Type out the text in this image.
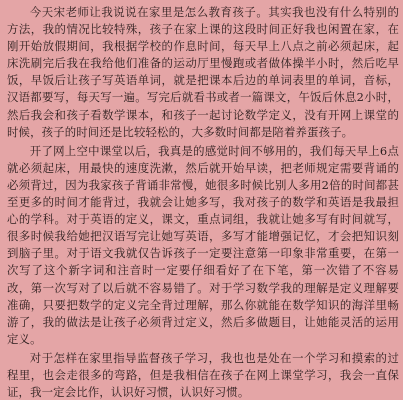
今天宋老师让我说说在家里是怎么教育孩子。其实我也没有什么特别的方法，我的情况比较特殊，孩子在家上课的这段时间正好我也闲置在家，在刚开始放假期间，我根据学校的作息时间，每天早上八点之前必须起床，起床洗刷完后我在我给他们准备的运动厅里慢跑或者做体操半小时，然后吃早饭，早饭后让孩子写英语单词，就是把课本后边的单词表里的单词，音标，汉语都要写，每天写一遍。写完后就看书或者一篇课文，午饭后休息2小时，然后我会和孩子看数学课本，和孩子一起讨论数学定义，没有开网上课堂的时候，孩子的时间还是比较轻松的，大多数时间都是陪着养蛋孩子。

开了网上空中课堂以后，我真是的感觉时间不够用的，我们每天早上6点就必须起床，用最快的速度洗漱，然后就开始早读，把老师规定需要背诵的必须背过，因为我家孩子背诵非常慢，她很多时候比别人多用2倍的时间都甚至更多的时间才能背过，我就会让她多写，我对孩子的数学和英语是我最担心的学科。对于英语的定义，课文，重点词组，我就让她多写有时间就写，很多时候我给她把汉语写完让她写英语，多写才能增强记忆，才会把知识刻到脑子里。对于语文我就仅告诉孩子一定要注意第一印象非常重要，在第一次写了这个新字词和注音时一定要仔细看好了在下笔，第一次错了不容易改，第一次写对了以后就不容易错了。对于学习数学我的理解是定义理解要准确，只要把数学的定义完全背过理解，那么你就能在数学知识的海洋里畅游了，我的做法是让孩子必须背过定义，然后多做题目，让她能灵活的运用定义。

对于怎样在家里指导监督孩子学习，我也也是处在一个学习和摸索的过程里，也会走很多的弯路，但是我相信在孩子在网上课堂学习，我会一直保证，我一定会比作，认识好习惯，认识好习惯。
